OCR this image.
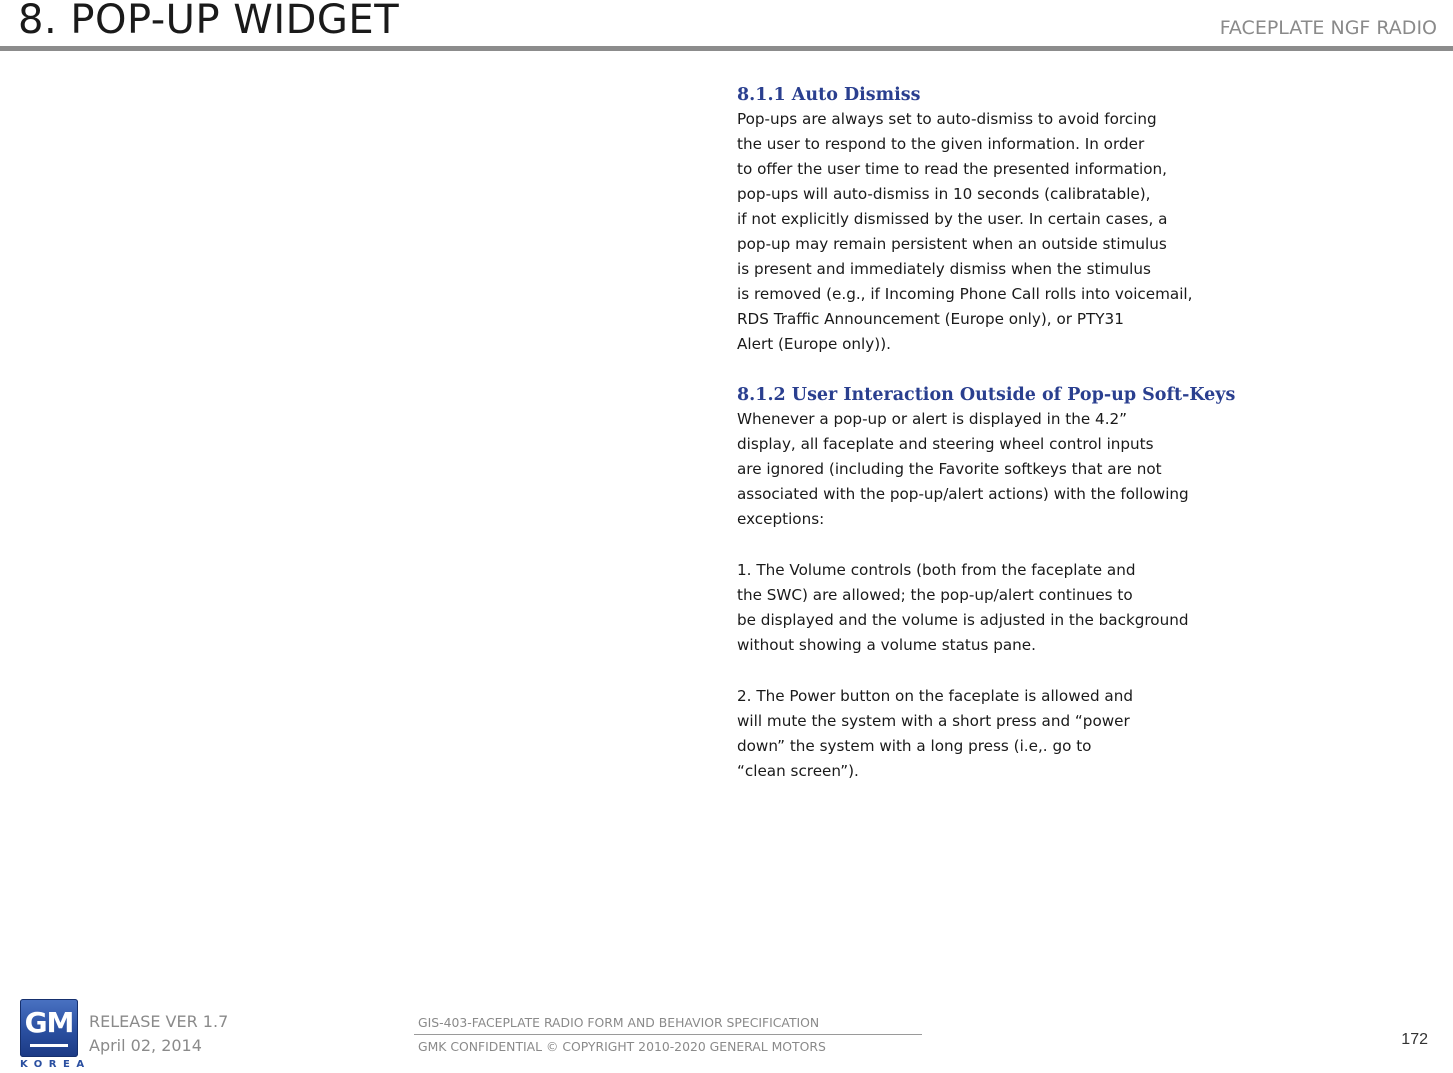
8. POP-UP WIDGET	FACEPLATE NGF RADIO
8.1.1 Auto Dismiss
Pop-ups are always set to auto-dismiss to avoid forcing
the user to respond to the given information. In order
to offer the user time to read the presented information,
pop-ups will auto-dismiss in 10 seconds (calibratable),
if not explicitly dismissed by the user. In certain cases, a
pop-up may remain persistent when an outside stimulus
is present and immediately dismiss when the stimulus
is removed (e.g., if Incoming Phone Call rolls into voicemail,
RDS Traffic Announcement (Europe only), or PTY31
Alert (Europe only)).
8.1.2 User Interaction Outside of Pop-up Soft-Keys
Whenever a pop-up or alert is displayed in the 4.2”
display, all faceplate and steering wheel control inputs
are ignored (including the Favorite softkeys that are not
associated with the pop-up/alert actions) with the following
exceptions:
1. The Volume controls (both from the faceplate and
the SWC) are allowed; the pop-up/alert continues to
be displayed and the volume is adjusted in the background
without showing a volume status pane.
2. The Power button on the faceplate is allowed and
will mute the system with a short press and “power
down” the system with a long press (i.e,. go to
“clean screen”).
GM
KOREA
RELEASE VER 1.7
April 02, 2014
GIS-403-FACEPLATE RADIO FORM AND BEHAVIOR SPECIFICATION
GMK CONFIDENTIAL © COPYRIGHT 2010-2020 GENERAL MOTORS	172
